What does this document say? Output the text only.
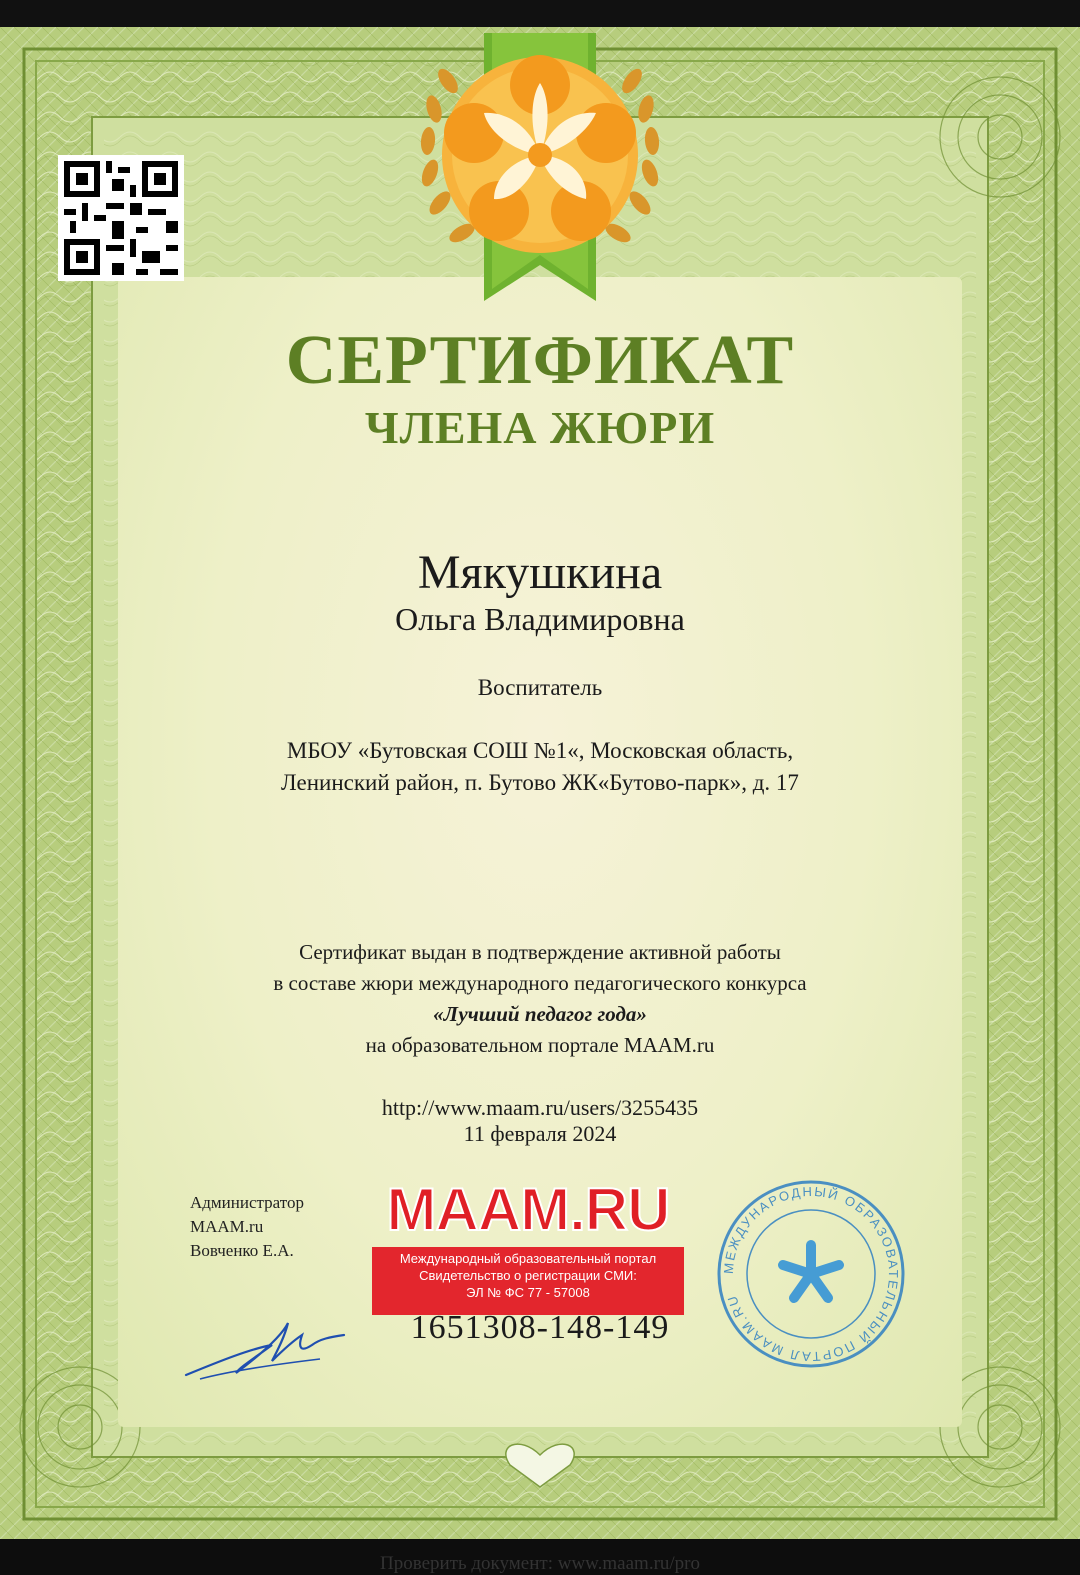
СЕРТИФИКАТ
ЧЛЕНА ЖЮРИ
Мякушкина
Ольга Владимировна
Воспитатель
МБОУ «Бутовская СОШ №1«, Московская область,
Ленинский район, п. Бутово ЖК«Бутово-парк», д. 17
Сертификат выдан в подтверждение активной работы
в составе жюри международного педагогического конкурса
«Лучший педагог года»
на образовательном портале MAAM.ru
http://www.maam.ru/users/3255435
11 февраля 2024
Администратор
MAAM.ru
Вовченко Е.А.
MAAM.RU
Международный образовательный портал
Свидетельство о регистрации СМИ:
ЭЛ № ФС 77 - 57008
МЕЖДУНАРОДНЫЙ ОБРАЗОВАТЕЛЬНЫЙ ПОРТАЛ MAAM.RU
1651308-148-149
Проверить документ: www.maam.ru/pro
